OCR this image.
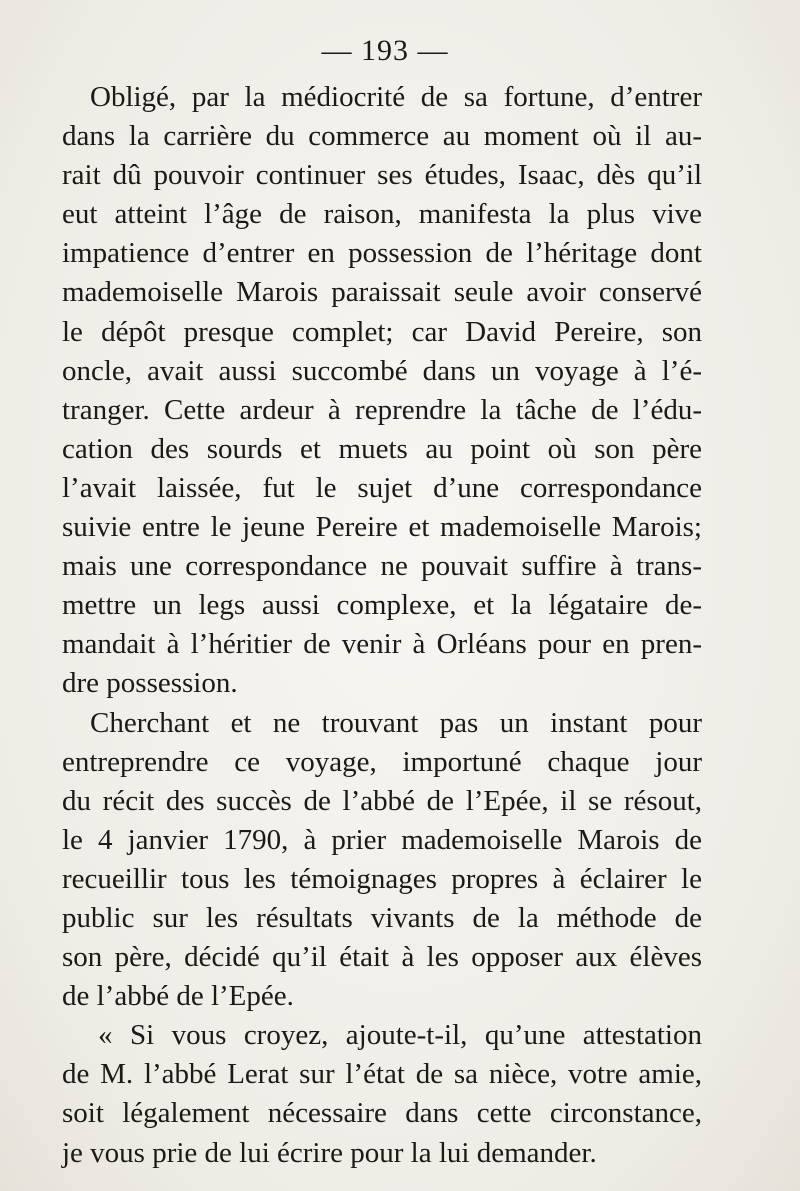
— 193 —
Obligé, par la médiocrité de sa fortune, d’entrer
dans la carrière du commerce au moment où il au-
rait dû pouvoir continuer ses études, Isaac, dès qu’il
eut atteint l’âge de raison, manifesta la plus vive
impatience d’entrer en possession de l’héritage dont
mademoiselle Marois paraissait seule avoir conservé
le dépôt presque complet; car David Pereire, son
oncle, avait aussi succombé dans un voyage à l’é-
tranger. Cette ardeur à reprendre la tâche de l’édu-
cation des sourds et muets au point où son père
l’avait laissée, fut le sujet d’une correspondance
suivie entre le jeune Pereire et mademoiselle Marois;
mais une correspondance ne pouvait suffire à trans-
mettre un legs aussi complexe, et la légataire de-
mandait à l’héritier de venir à Orléans pour en pren-
dre possession.
Cherchant et ne trouvant pas un instant pour
entreprendre ce voyage, importuné chaque jour
du récit des succès de l’abbé de l’Epée, il se résout,
le 4 janvier 1790, à prier mademoiselle Marois de
recueillir tous les témoignages propres à éclairer le
public sur les résultats vivants de la méthode de
son père, décidé qu’il était à les opposer aux élèves
de l’abbé de l’Epée.
« Si vous croyez, ajoute-t-il, qu’une attestation
de M. l’abbé Lerat sur l’état de sa nièce, votre amie,
soit légalement nécessaire dans cette circonstance,
je vous prie de lui écrire pour la lui demander.
